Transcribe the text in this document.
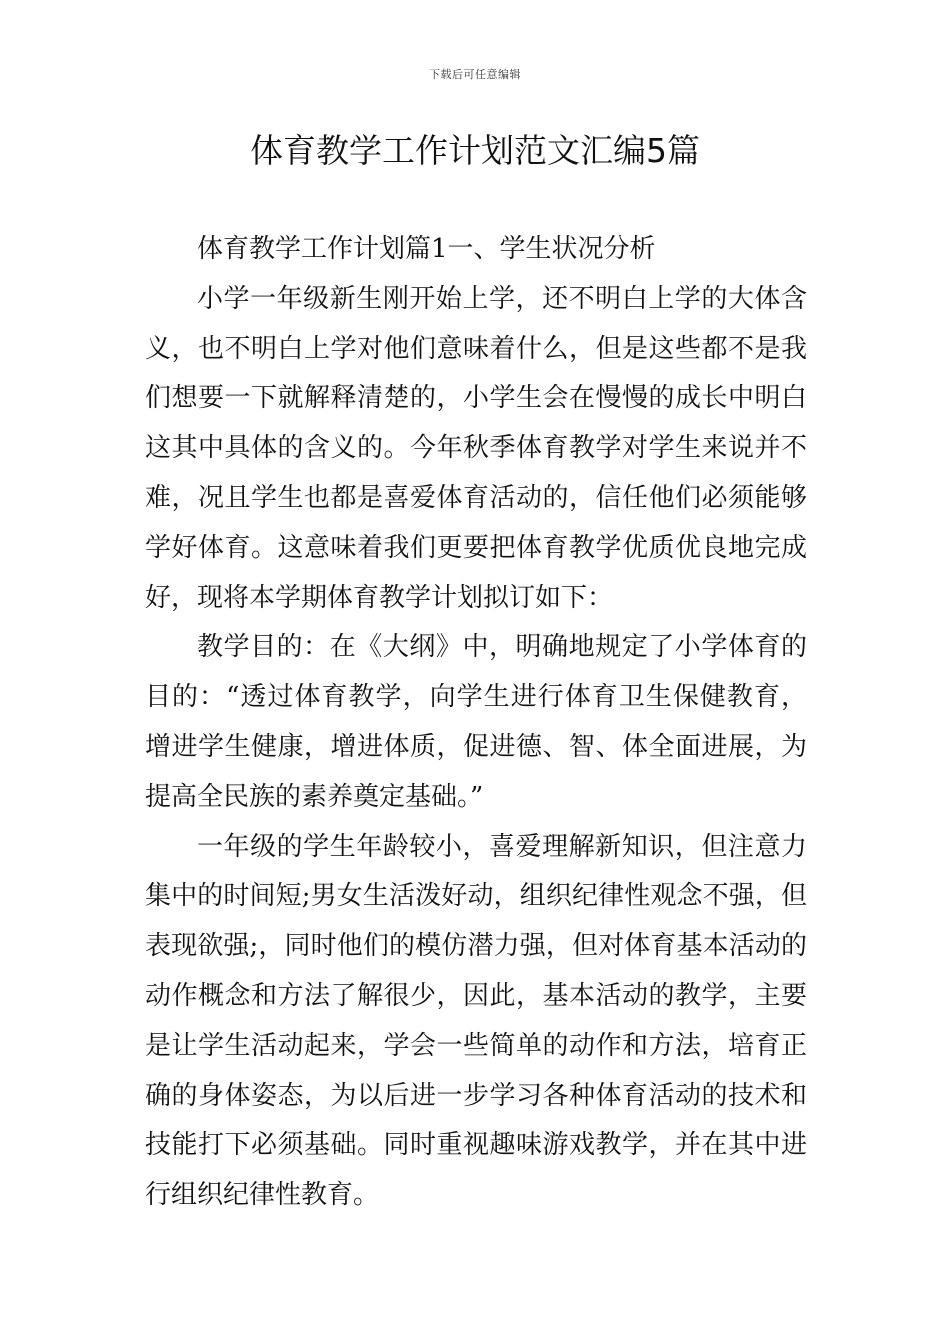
下载后可任意编辑
体育教学工作计划范文汇编5篇

体育教学工作计划篇1一、学生状况分析

小学一年级新生刚开始上学，还不明白上学的大体含义，也不明白上学对他们意味着什么，但是这些都不是我们想要一下就解释清楚的，小学生会在慢慢的成长中明白这其中具体的含义的。今年秋季体育教学对学生来说并不难，况且学生也都是喜爱体育活动的，信任他们必须能够学好体育。这意味着我们更要把体育教学优质优良地完成好，现将本学期体育教学计划拟订如下：

教学目的：在《大纲》中，明确地规定了小学体育的目的：“透过体育教学，向学生进行体育卫生保健教育，增进学生健康，增进体质，促进德、智、体全面进展，为提高全民族的素养奠定基础。”

一年级的学生年龄较小，喜爱理解新知识，但注意力集中的时间短;男女生活泼好动，组织纪律性观念不强，但表现欲强;，同时他们的模仿潜力强，但对体育基本活动的动作概念和方法了解很少，因此，基本活动的教学，主要是让学生活动起来，学会一些简单的动作和方法，培育正确的身体姿态，为以后进一步学习各种体育活动的技术和技能打下必须基础。同时重视趣味游戏教学，并在其中进行组织纪律性教育。
